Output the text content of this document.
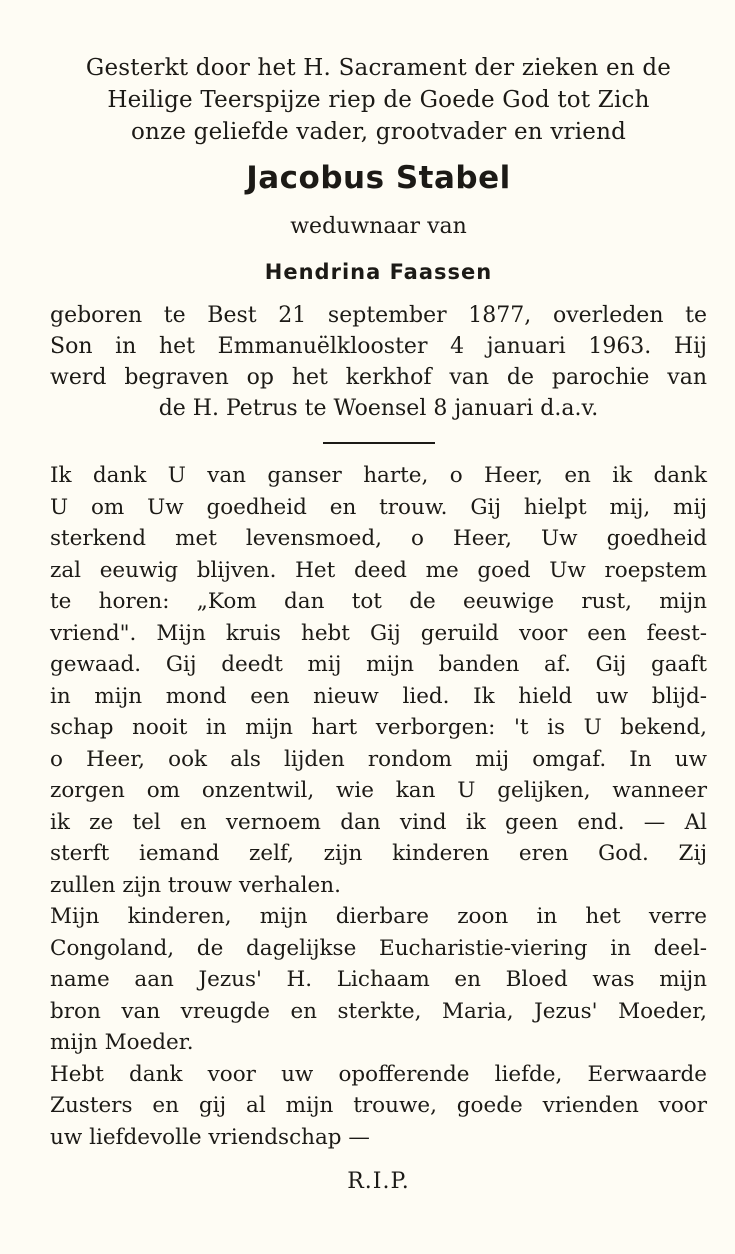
Gesterkt door het H. Sacrament der zieken en de
Heilige Teerspijze riep de Goede God tot Zich
onze geliefde vader, grootvader en vriend

Jacobus Stabel

weduwnaar van

Hendrina Faassen

geboren te Best 21 september 1877, overleden te
Son in het Emmanuëlklooster 4 januari 1963. Hij
werd begraven op het kerkhof van de parochie van
de H. Petrus te Woensel 8 januari d.a.v.

Ik dank U van ganser harte, o Heer, en ik dank
U om Uw goedheid en trouw. Gij hielpt mij, mij
sterkend met levensmoed, o Heer, Uw goedheid
zal eeuwig blijven. Het deed me goed Uw roepstem
te horen: „Kom dan tot de eeuwige rust, mijn
vriend". Mijn kruis hebt Gij geruild voor een feest-
gewaad. Gij deedt mij mijn banden af. Gij gaaft
in mijn mond een nieuw lied. Ik hield uw blijd-
schap nooit in mijn hart verborgen: 't is U bekend,
o Heer, ook als lijden rondom mij omgaf. In uw
zorgen om onzentwil, wie kan U gelijken, wanneer
ik ze tel en vernoem dan vind ik geen end. — Al
sterft iemand zelf, zijn kinderen eren God. Zij
zullen zijn trouw verhalen.
Mijn kinderen, mijn dierbare zoon in het verre
Congoland, de dagelijkse Eucharistie-viering in deel-
name aan Jezus' H. Lichaam en Bloed was mijn
bron van vreugde en sterkte, Maria, Jezus' Moeder,
mijn Moeder.
Hebt dank voor uw opofferende liefde, Eerwaarde
Zusters en gij al mijn trouwe, goede vrienden voor
uw liefdevolle vriendschap —

R.I.P.
